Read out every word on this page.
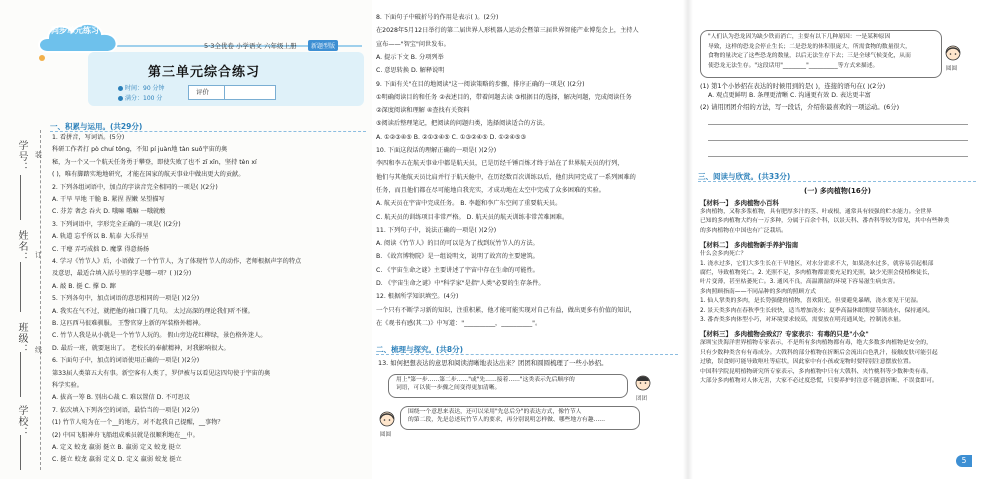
学号：
姓名：
班级：
学校：
装
订
线
5·3全优卷 小学语文 六年级上册	新题型版
同步单元练习
第三单元综合练习
时间：90 分钟
满分：100 分
评价
一、积累与运用。(共29分)
1. 看拼音，写词语。(5分)
科研工作者打 pò chuí tǒng，不知 pí juàn地 tàn suǒ宇宙的奥
秘，为一个又一个航天任务勇于攀登，即使失败了也不 zī xīn，坚持 tèn xí
( )，唯有脚踏实地地研究，才能在国家的航天事业中做出更大的贡献。
2. 下列各组词语中，加点的字读音完全相同的一项是( )(2分)
A. 干旱 旱地 干脆 B. 紧捏 捏嫩 呆望描写
C. 芬芳 奢念 吞火 D. 哦嘛 哦嘛 一哦就酸
3. 下列词语中，字形完全正确的一项是( )(2分)
A. 轨道 忘乎所以 B. 航泰 大乐得呈
C. 干瘪 弄巧成拙 D. 魔掌 得意扬扬
4. 学习《竹节人》后，小语做了一个竹节人，为了体现竹节人的动作，老师根据声字的特点
及意思，最适合填入括号里的字是哪一项？( )(2分)
A. 敲 B. 挺 C. 撑 D. 蹿
5. 下列各句中，加点词语的意思相同的一项是( )(2分)
A. 我实在气不过，就把他的袖口撕了几句。 太过高深的理论我们听不懂。
B. 这匹西马很难驯服。 王警官穿上新的军装格外精神。
C. 竹节人我是从小就是一个竹节人玩的。 假山旁边花红柳绿，景色格外迷人。
D. 最后一班，就要退出了。 老校长的奉献精神，对我影响很大。
6. 下面句子中，加点的词语使用正确的一项是( )(2分)
第33届人类第五大有事。新空客有人类了，罗伊被与以看见这四句使于宇宙的奥
科学实验。
A. 拔高一筹 B. 别出心裁 C. 难以置信 D. 不可思议
7. 依次填入下列各空的词语，最恰当的一项是( )(2分)
(1) 竹节人宛为在一个__的地方，对不起我自己提醒，__事物？
(2) 中国飞船神舟飞船组成乘员就是很顺利地在__中。
A. 定义 蛟龙 羸弱 挺立 B. 羸弱 定义 蛟龙 挺立
C. 挺立 蛟龙 羸弱 定义 D. 定义 羸弱 蛟龙 挺立
8. 下面句子中破折号的作用是表示( )。(2分)
在2028年5月12日举行的第二届世界人形机器人运动会暨第三届世界智能产业博览会上，主持人
宣布——"智宝"问世发布。
A. 提示下文 B. 分项列举
C. 意思转换 D. 解释说明
9. 下面有关"在目的地阅读"这一阅读策略的步骤，排序正确的一项是( )(2分)
①明确阅读目的和任务 ②表述目的，带着问题去读 ③根据目的选择，解决问题，完成阅读任务
②深度阅读和理解 ④查找有关资料
⑤阅读后整理笔记，把阅读的问题归类，选择阅读适合的方法。
A. ①②③④⑤ B. ②①③④⑤ C. ①③②④⑤ D. ①②④⑤③
10. 下面这段话的理解正确的一项是( )(2分)
李四和李五在航天事业中都是航天员，已是历经千锤百炼才终于站在了世界航天员的行列，
他们与其他航天员比肩并行于航天舱中，在历经数百次训练以后，他们共同完成了一系列困难的
任务，而且他们都在尽可能地自我充实，才成功地在太空中完成了众多困难的实验。
A. 航天员在宇宙中完成任务。 B. 李超和李广东空间了重要航天员。
C. 航天员的训练项目非常严格。 D. 航天员的航天训练非常苦难困难。
11. 下列句子中，说法正确的一项是( )(2分)
A. 阅读《竹节人》的目的可以是为了找到玩竹节人的方法。
B. 《故宫博物院》是一组说明文，说明了故宫的主要建筑。
C. 《宇宙生命之谜》主要讲述了宇宙中存在生命的可能性。
D. 《宇宙生命之谜》中"科学家"是指"人类"必要的生存条件。
12. 根据所学知识填空。(4分)
一个只有不断学习新的知识，注重积累，他才能可能实现对自己有益，做出更多有价值的知识，
在《观书有感(其二)》中写道："__________，__________"。
二、梳理与探究。(共8分)
13. 如何把想表达的意思和阅读清晰地表达出来？团团和圆圆梳理了一些小妙招。
用上"第一步……第二步……"或"先……接着……"这类表示先后顺序的
词语，可以使一步骤之间变得更加清晰。
团团
围绕一个意思来表达，还可以采用"先总后分"的表达方式，像竹节人
的第二段，先是总述玩竹节人的要求，再分别说明怎样做、哪些地方有趣……
圆圆
"人们认为恐龙因为缺少铁而消亡，主要有以下几种原因：一是某种原因
导致，这样的恐龙会停止生长；二是恐龙的体积很庞大，所需食物的数量很大，
食物的量决定了这些恐龙的数量，以后无法生存下去；三是全球气候变化，从而
使恐龙无法生存。"这段话用"________"__________等方式来描述。
圆圆
(1) 第1个小妙招在表达的时候用到的是( )，连接的语句在( )(2分)
A. 观点更鲜明 B. 条理更清晰 C. 沟通更有效 D. 表达更丰富
(2) 请用团团介绍的方法，写一段话，介绍你最喜欢的一项运动。(6分)
三、阅读与欣赏。(共33分)
(一) 多肉植物(16分)
【材料一】 多肉植物小百科
多肉植物，又称多浆植物，具有肥厚多汁的茎、叶或根，通常具有较强的贮水能力。全世界
已知的多肉植物大约有一万多种，分属于百余个科，以景天科、番杏科等较为常见，其中有些种类
的多肉植物在中国也有广泛栽培。
【材料二】 多肉植物新手养护指南
什么会多肉死亡？
1. 浇水过多，它们大多生长在干旱地区，对水分需求不大，如果浇水过多，就容易引起根部
腐烂，导致植物死亡。2. 光照不足，多肉植物都需要充足的光照，缺少光照会使植株徒长，
叶片变薄，甚至枯萎死亡。3. 通风不良，高温潮湿的环境下容易滋生病虫害。
多肉照顾指南——不同品种的多肉的照顾方式
1. 仙人掌类的多肉，是长势强健的植物，喜欢阳光，但要避免暴晒，浇水要见干见湿。
2. 景天类多肉在春秋季生长较快，适当增加浇水；夏季高温休眠期要节制浇水，保持通风。
3. 番杏类多肉体型小巧，对环境要求较高，需要放在明亮通风处，控制浇水量。
【材料三】 多肉植物会致幻？专家表示：有毒的只是"小众"
深圳宝贵海洋世界植物专家表示，不是所有多肉植物都有毒，绝大多数多肉植物是安全的，
只有少数种类含有有毒成分。大戟科的部分植物在折断后会流出白色乳汁，接触皮肤可能引起
过敏，误食则可能导致呕吐等症状，因此家中有小孩或宠物时要特别注意摆放位置。
中国科学院昆明植物研究所专家表示，多肉植物中只有大戟科、夹竹桃科等少数种类有毒，
大部分多肉植物对人体无害，大家不必过度恐慌，只要养护时注意不随意折断、不误食即可。
5
